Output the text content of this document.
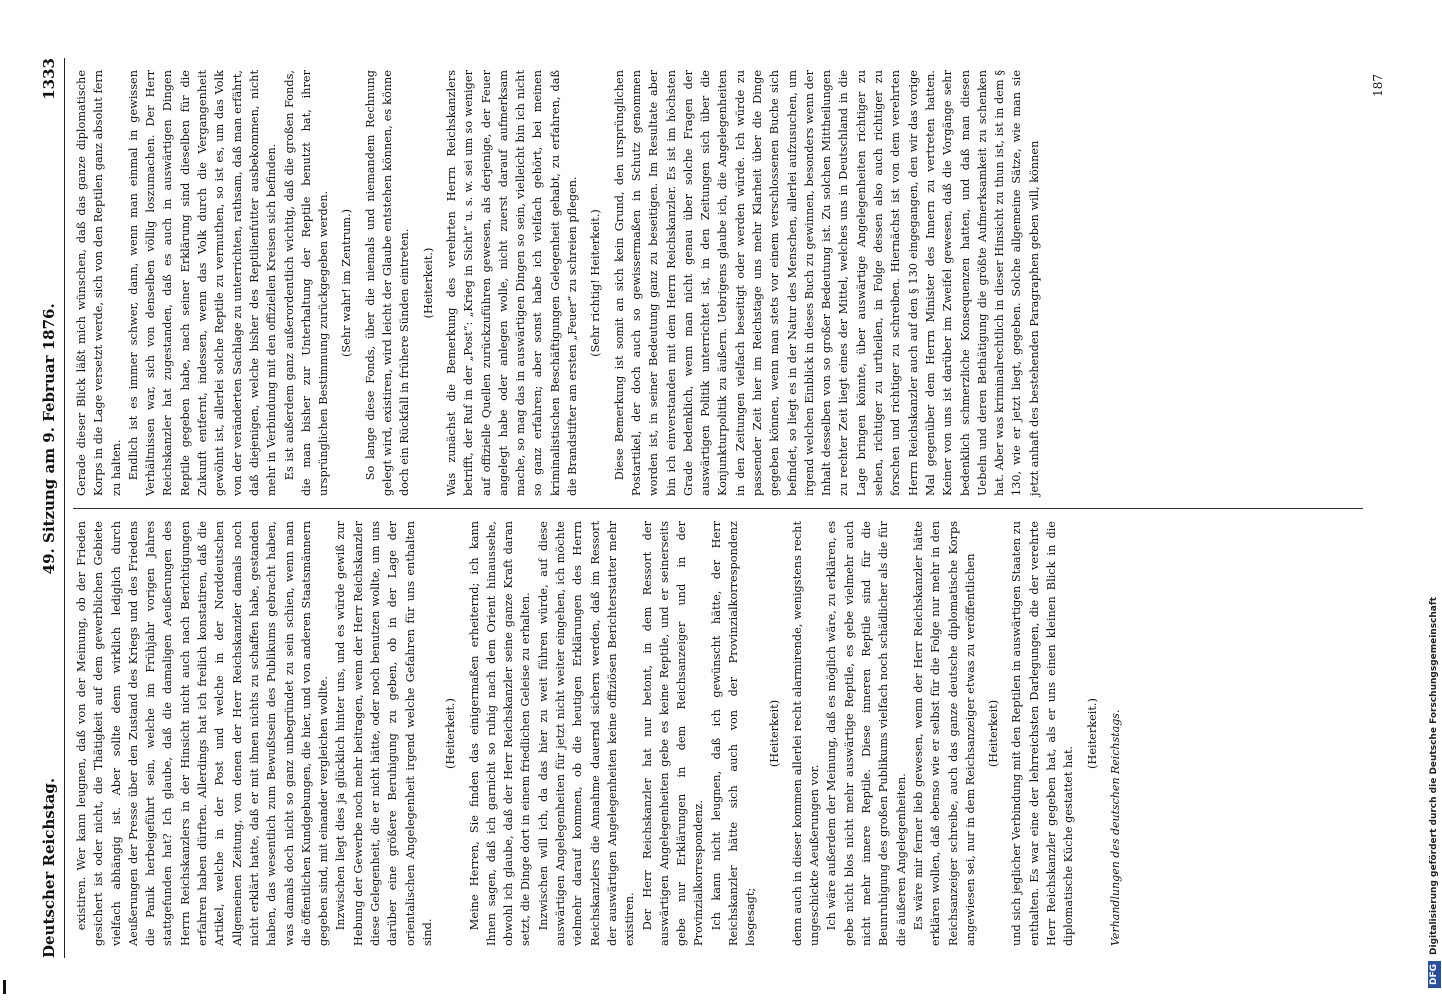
Deutscher Reichstag.
49. Sitzung am 9. Februar 1876.
1333

existiren. Wer kann leugnen, daß von der Meinung, ob der Frieden gesichert ist oder nicht, die Thätigkeit auf dem gewerblichen Gebiete vielfach abhängig ist. Aber sollte denn wirklich lediglich durch Aeußerungen der Presse über den Zustand des Kriegs und des Friedens die Panik herbeigeführt sein, welche im Frühjahr vorigen Jahres stattgefunden hat? Ich glaube, daß die damaligen Aeußerungen des Herrn Reichskanzlers in der Hinsicht nicht auch nach Berichtigungen erfahren haben dürften. Allerdings hat ich freilich konstatiren, daß die Artikel, welche in der Post und welche in der Norddeutschen Allgemeinen Zeitung, von denen der Herr Reichskanzler damals noch nicht erklärt hatte, daß er mit ihnen nichts zu schaffen habe, gestanden haben, das wesentlich zum Bewußtsein des Publikums gebracht haben, was damals doch nicht so ganz unbegründet zu sein schien, wenn man die öffentlichen Kundgebungen, die hier, und von anderen Staatsmännern gegeben sind, mit einander vergleichen wollte. Inzwischen liegt dies ja glücklich hinter uns, und es würde gewiß zur Hebung der Gewerbe noch mehr beitragen, wenn der Herr Reichskanzler diese Gelegenheit, die er nicht hätte, oder noch benutzen wollte, um uns darüber eine größere Beruhigung zu geben, ob in der Lage der orientalischen Angelegenheit irgend welche Gefahren für uns enthalten sind.

(Heiterkeit.) Meine Herren, Sie finden das einigermaßen erheiternd; ich kann Ihnen sagen, daß ich garnicht so ruhig nach dem Orient hinaussehe, obwohl ich glaube, daß der Herr Reichskanzler seine ganze Kraft daran setzt, die Dinge dort in einem friedlichen Geleise zu erhalten. Inzwischen will ich, da das hier zu weit führen würde, auf diese auswärtigen Angelegenheiten für jetzt nicht weiter eingehen, ich möchte vielmehr darauf kommen, ob die heutigen Erklärungen des Herrn Reichskanzlers die Annahme dauernd sichern werden, daß im Ressort der auswärtigen Angelegenheiten keine offiziösen Berichterstatter mehr existiren. Der Herr Reichskanzler hat nur betont, in dem Ressort der auswärtigen Angelegenheiten gebe es keine Reptile, und er seinerseits gebe nur Erklärungen in dem Reichsanzeiger und in der Provinzialkorrespondenz. Ich kann nicht leugnen, daß ich gewünscht hätte, der Herr Reichskanzler hätte sich auch von der Provinzialkorrespondenz losgesagt;

(Heiterkeit) denn auch in dieser kommen allerlei recht alarmirende, wenigstens recht ungeschickte Aeußerungen vor. Ich wäre außerdem der Meinung, daß es möglich wäre, zu erklären, es gebe nicht blos nicht mehr auswärtige Reptile, es gebe vielmehr auch nicht mehr innere Reptile. Diese inneren Reptile sind für die Beunruhigung des großen Publikums vielfach noch schädlicher als die für die äußeren Angelegenheiten. Es wäre mir ferner lieb gewesen, wenn der Herr Reichskanzler hätte erklären wollen, daß ebenso wie er selbst für die Folge nur mehr in den Reichsanzeiger schreibe, auch das ganze deutsche diplomatische Korps angewiesen sei, nur in dem Reichsanzeiger etwas zu veröffentlichen (Heiterkeit) und sich jeglicher Verbindung mit den Reptilen in auswärtigen Staaten zu enthalten. Es war eine der lehrreichsten Darlegungen, die der verehrte Herr Reichskanzler gegeben hat, als er uns einen kleinen Blick in die diplomatische Küche gestattet hat.

(Heiterkeit.) Verhandlungen des deutschen Reichstags.

Gerade dieser Blick läßt mich wünschen, daß das ganze diplomatische Korps in die Lage versetzt werde, sich von den Reptilen ganz absolut fern zu halten. Endlich ist es immer schwer, dann, wenn man einmal in gewissen Verhältnissen war, sich von denselben völlig loszumachen. Der Herr Reichskanzler hat zugestanden, daß es auch in auswärtigen Dingen Reptile gegeben habe, nach seiner Erklärung sind dieselben für die Zukunft entfernt, indessen, wenn das Volk durch die Vergangenheit gewöhnt ist, allerlei solche Reptile zu vermuthen, so ist es, um das Volk von der veränderten Sachlage zu unterrichten, rathsam, daß man erfährt, daß diejenigen, welche bisher des Reptilienfutter ausbekommen, nicht mehr in Verbindung mit den offiziellen Kreisen sich befinden. Es ist außerdem ganz außerordentlich wichtig, daß die großen Fonds, die man bisher zur Unterhaltung der Reptile benutzt hat, ihrer ursprünglichen Bestimmung zurückgegeben werden. (Sehr wahr! im Zentrum.) So lange diese Fonds, über die niemals und niemandem Rechnung gelegt wird, existiren, wird leicht der Glaube entstehen können, es könne doch ein Rückfall in frühere Sünden eintreten. (Heiterkeit.) Was zunächst die Bemerkung des verehrten Herrn Reichskanzlers betrifft, der Ruf in der „Post“: „Krieg in Sicht“ u. s. w. sei um so weniger auf offizielle Quellen zurückzuführen gewesen, als derjenige, der Feuer angelegt habe oder anlegen wolle, nicht zuerst darauf aufmerksam mache, so mag das in auswärtigen Dingen so sein, vielleicht bin ich nicht so ganz erfahren; aber sonst habe ich vielfach gehört, bei meinen kriminalistischen Beschäftigungen Gelegenheit gehabt, zu erfahren, daß die Brandstifter am ersten „Feuer“ zu schreien pflegen. (Sehr richtig! Heiterkeit.) Diese Bemerkung ist somit an sich kein Grund, den ursprünglichen Postartikel, der doch auch so gewissermaßen in Schutz genommen worden ist, in seiner Bedeutung ganz zu beseitigen. Im Resultate aber bin ich einverstanden mit dem Herrn Reichskanzler. Es ist im höchsten Grade bedenklich, wenn man nicht genau über solche Fragen der auswärtigen Politik unterrichtet ist, in den Zeitungen sich über die Konjunkturpolitik zu äußern. Uebrigens glaube ich, die Angelegenheiten in den Zeitungen vielfach beseitigt oder werden würde. Ich würde zu passender Zeit hier im Reichstage uns mehr Klarheit über die Dinge gegeben können, wenn man stets vor einem verschlossenen Buche sich befindet, so liegt es in der Natur des Menschen, allerlei aufzusuchen, um irgend welchen Einblick in dieses Buch zu gewinnen, besonders wenn der Inhalt desselben von so großer Bedeutung ist. Zu solchen Mittheilungen zu rechter Zeit liegt eines der Mittel, welches uns in Deutschland in die Lage bringen könnte, über auswärtige Angelegenheiten richtiger zu sehen, richtiger zu urtheilen, in Folge dessen also auch richtiger zu forschen und richtiger zu schreiben. Hiernächst ist von dem verehrten Herrn Reichskanzler auch auf den § 130 eingegangen, den wir das vorige Mal gegenüber dem Herrn Minister des Innern zu vertreten hatten. Keiner von uns ist darüber im Zweifel gewesen, daß die Vorgänge sehr bedenklich schmerzliche Konsequenzen hatten, und daß man diesen Uebeln und deren Bethätigung die größte Aufmerksamkeit zu schenken hat. Aber was kriminalrechtlich in dieser Hinsicht zu thun ist, ist in dem § 130, wie er jetzt liegt, gegeben. Solche allgemeine Sätze, wie man sie jetzt anhaft des bestehenden Paragraphen geben will, können

187
DFGDigitalisierung gefördert durch die Deutsche Forschungsgemeinschaft
